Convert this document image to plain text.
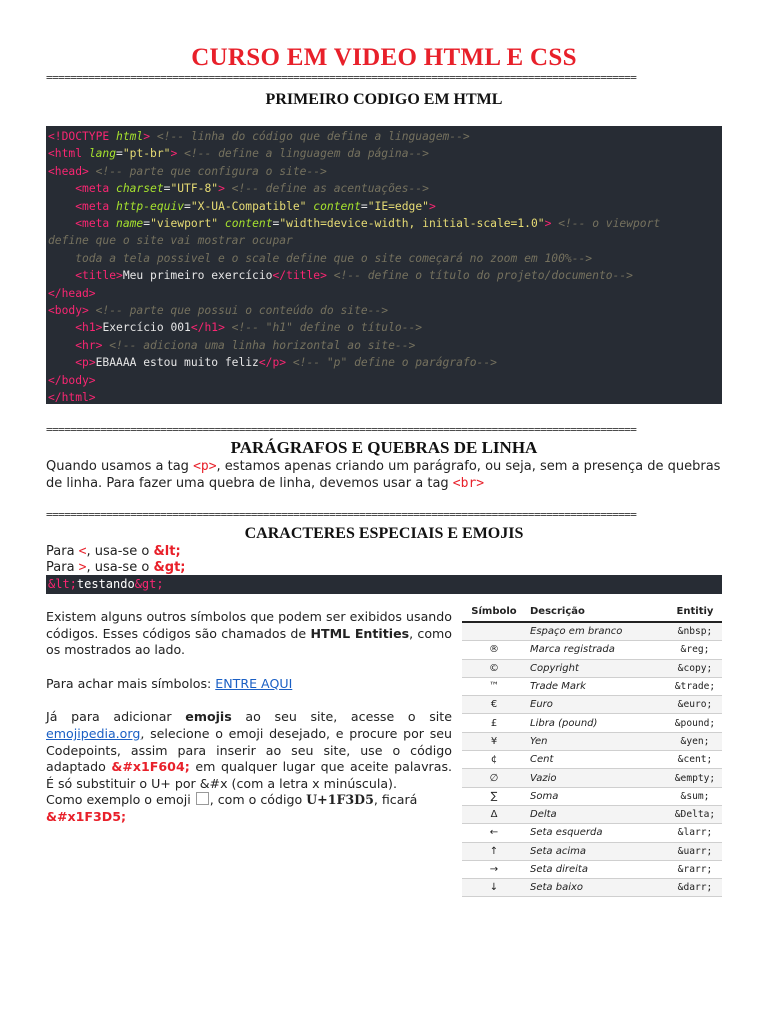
CURSO EM VIDEO HTML E CSS
==================================================================================================
PRIMEIRO CODIGO EM HTML
<!DOCTYPE html> <!-- linha do código que define a linguagem-->
<html lang="pt-br"> <!-- define a linguagem da página-->
<head> <!-- parte que configura o site-->
<meta charset="UTF-8"> <!-- define as acentuações-->
<meta http-equiv="X-UA-Compatible" content="IE=edge">
<meta name="viewport" content="width=device-width, initial-scale=1.0"> <!-- o viewport
define que o site vai mostrar ocupar
toda a tela possivel e o scale define que o site começará no zoom em 100%-->
<title>Meu primeiro exercício</title> <!-- define o título do projeto/documento-->
</head>
<body> <!-- parte que possui o conteúdo do site-->
<h1>Exercício 001</h1> <!-- "h1" define o título-->
<hr> <!-- adiciona uma linha horizontal ao site-->
<p>EBAAAA estou muito feliz</p> <!-- "p" define o parágrafo-->
</body>
</html>
==================================================================================================
PARÁGRAFOS E QUEBRAS DE LINHA
Quando usamos a tag <p>, estamos apenas criando um parágrafo, ou seja, sem a presença de quebras de linha. Para fazer uma quebra de linha, devemos usar a tag <br>
==================================================================================================
CARACTERES ESPECIAIS E EMOJIS
Para <, usa-se o &lt;
Para >, usa-se o &gt;
&lt;testando&gt;

Existem alguns outros símbolos que podem ser exibidos usando códigos. Esses códigos são chamados de HTML Entities, como os mostrados ao lado.

Para achar mais símbolos: ENTRE AQUI

Já para adicionar emojis ao seu site, acesse o site emojipedia.org, selecione o emoji desejado, e procure por seu Codepoints, assim para inserir ao seu site, use o código adaptado &#x1F604; em qualquer lugar que aceite palavras. É só substituir o U+ por &#x (com a letra x minúscula).

Como exemplo o emoji , com o código U+1F3D5, ficará
&#x1F3D5;

Símbolo	Descrição	Entitiy
	Espaço em branco	&nbsp;
®	Marca registrada	&reg;
©	Copyright	&copy;
™	Trade Mark	&trade;
€	Euro	&euro;
£	Libra (pound)	&pound;
¥	Yen	&yen;
¢	Cent	&cent;
∅	Vazio	&empty;
∑	Soma	&sum;
Δ	Delta	&Delta;
←	Seta esquerda	&larr;
↑	Seta acima	&uarr;
→	Seta direita	&rarr;
↓	Seta baixo	&darr;
